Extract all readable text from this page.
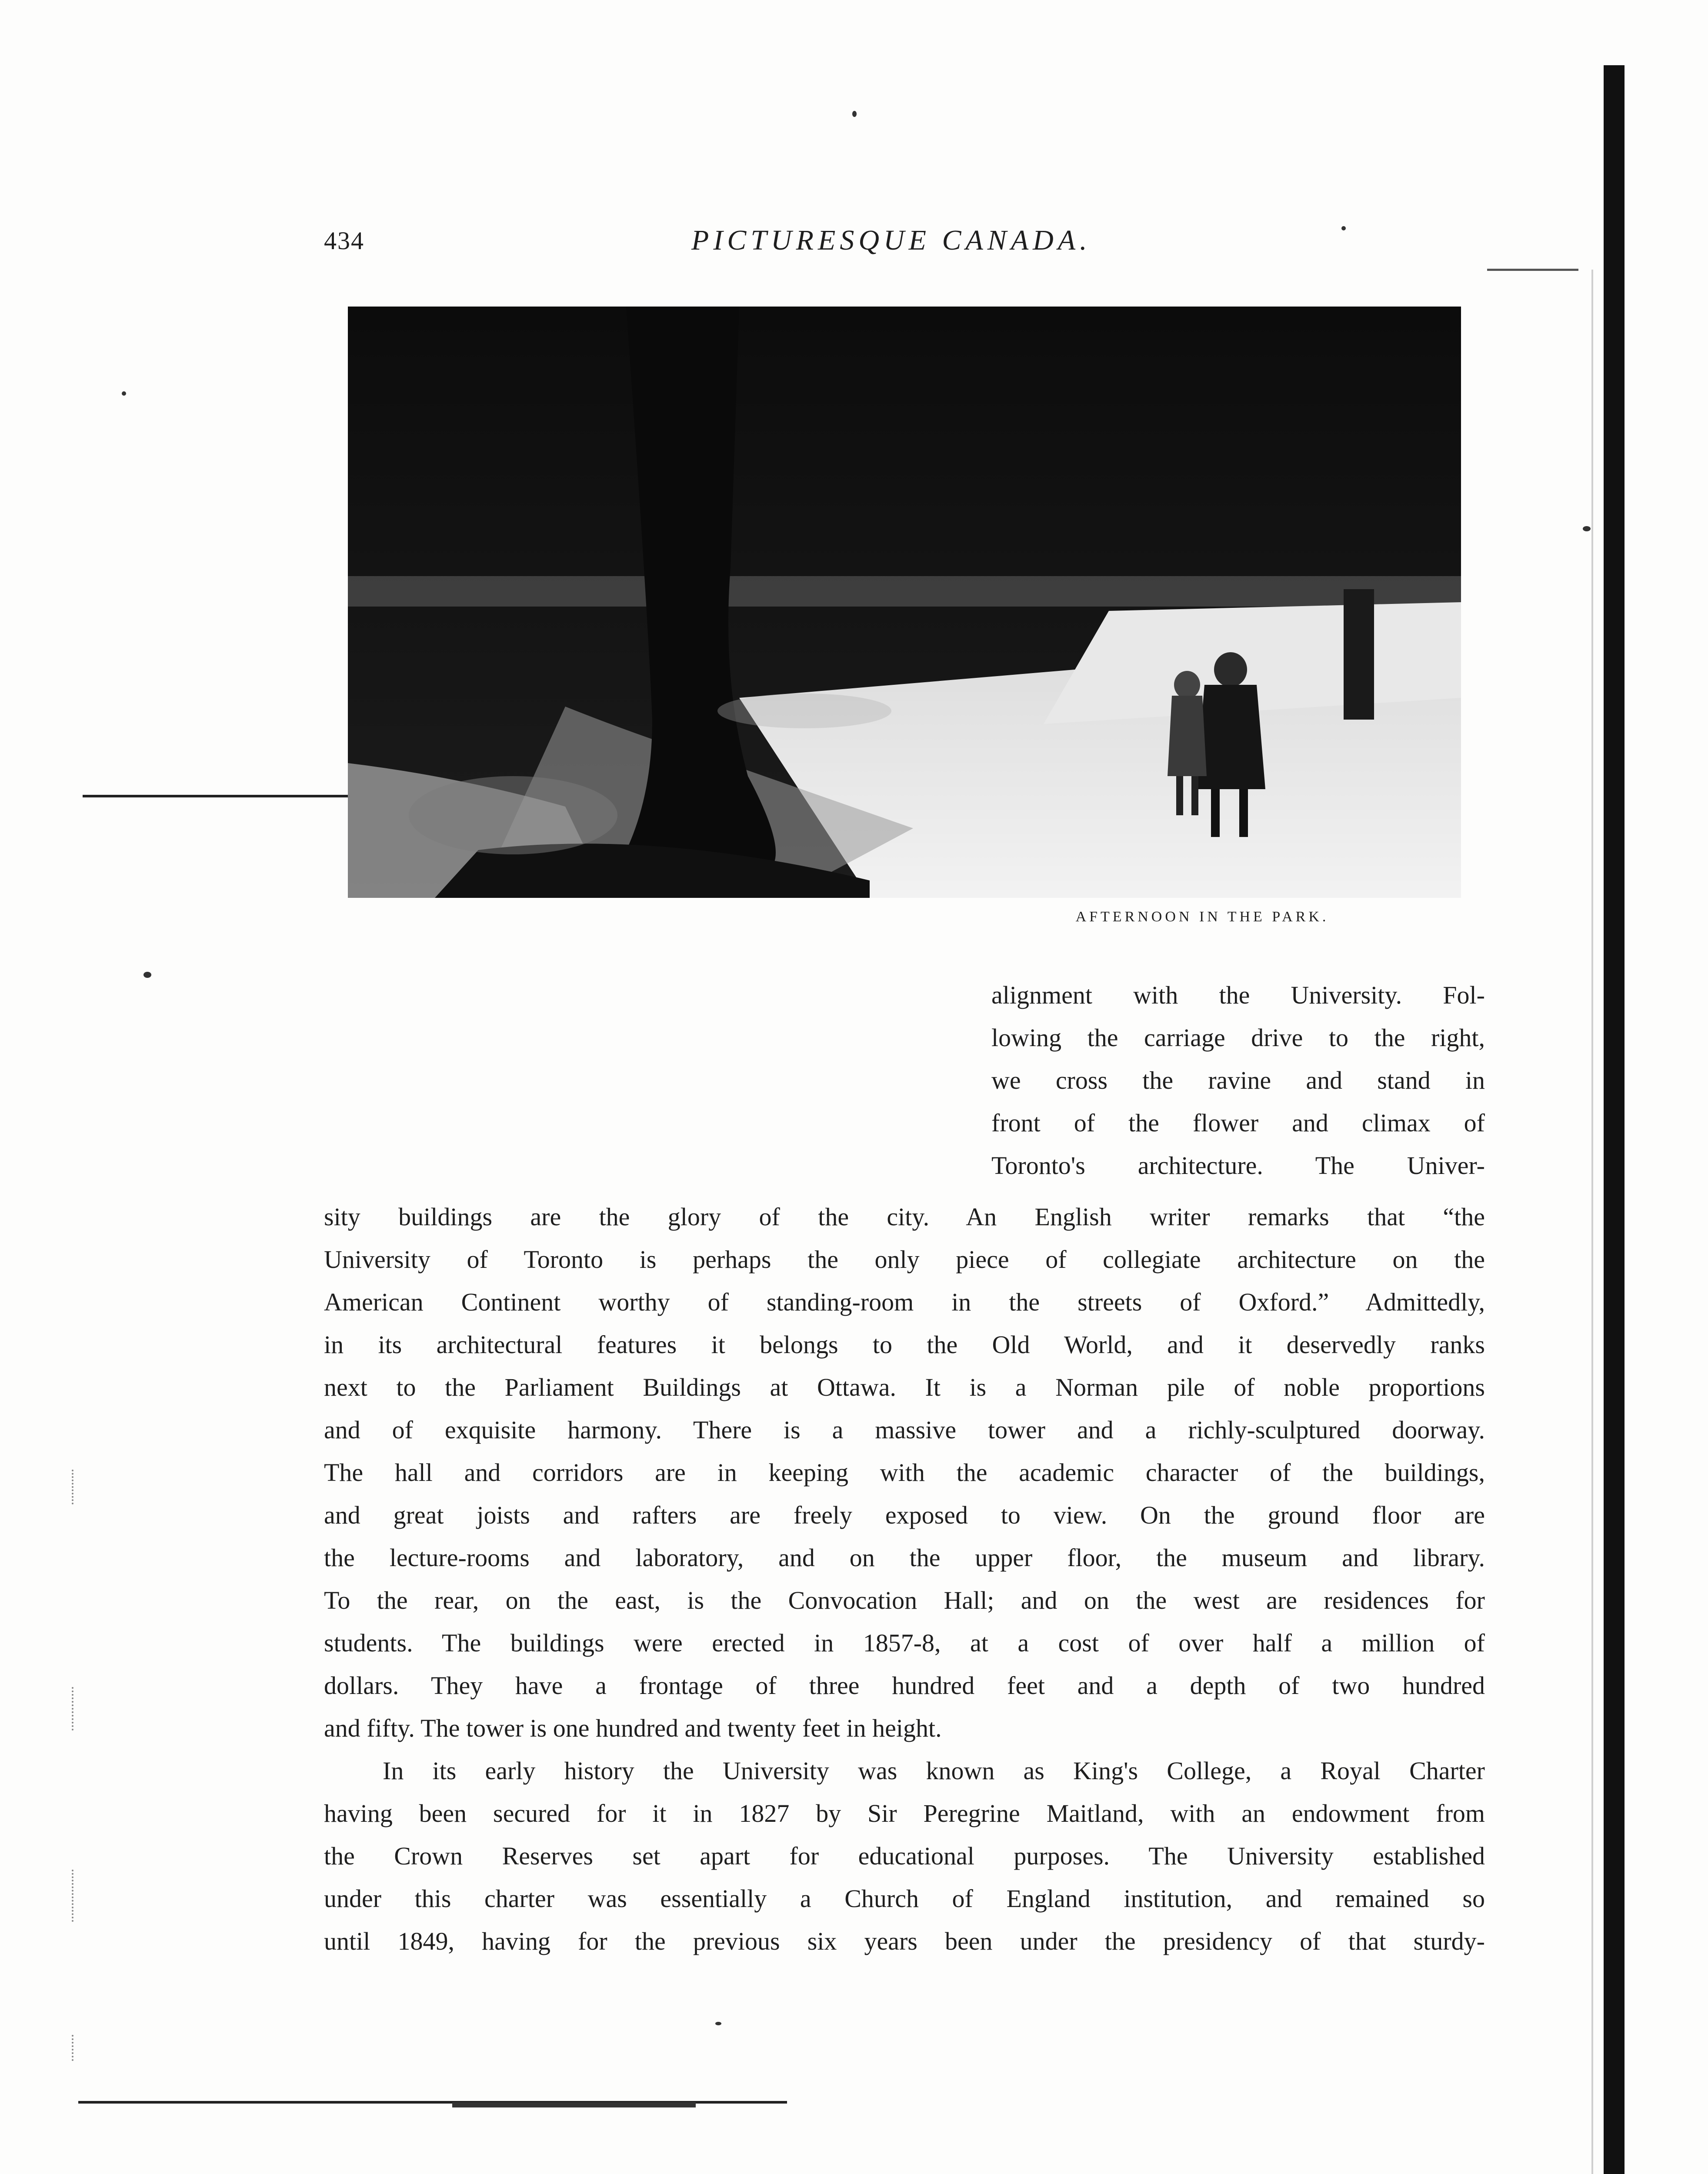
434	PICTURESQUE CANADA.
AFTERNOON IN THE PARK.
alignment with the University. Fol-
lowing the carriage drive to the right,
we cross the ravine and stand in
front of the flower and climax of
Toronto's architecture. The Univer-
sity buildings are the glory of the city. An English writer remarks that “the
University of Toronto is perhaps the only piece of collegiate architecture on the
American Continent worthy of standing-room in the streets of Oxford.” Admittedly,
in its architectural features it belongs to the Old World, and it deservedly ranks
next to the Parliament Buildings at Ottawa. It is a Norman pile of noble proportions
and of exquisite harmony. There is a massive tower and a richly-sculptured doorway.
The hall and corridors are in keeping with the academic character of the buildings,
and great joists and rafters are freely exposed to view. On the ground floor are
the lecture-rooms and laboratory, and on the upper floor, the museum and library.
To the rear, on the east, is the Convocation Hall; and on the west are residences for
students. The buildings were erected in 1857-8, at a cost of over half a million of
dollars. They have a frontage of three hundred feet and a depth of two hundred
and fifty. The tower is one hundred and twenty feet in height.
In its early history the University was known as King's College, a Royal Charter
having been secured for it in 1827 by Sir Peregrine Maitland, with an endowment from
the Crown Reserves set apart for educational purposes. The University established
under this charter was essentially a Church of England institution, and remained so
until 1849, having for the previous six years been under the presidency of that sturdy-
